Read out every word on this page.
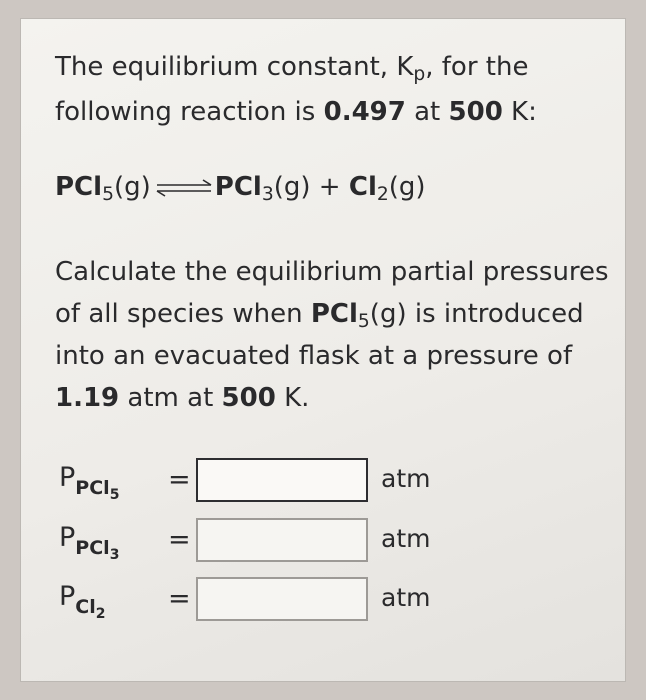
The equilibrium constant, $K_p$, for the following reaction is 0.497 at 500 K:
PCl$_5$(g) ⇌ $PCl_3(g) + Cl_2(g)$
Calculate the equilibrium partial pressures of all species when PCl$_5$(g) is introduced into an evacuated flask at a pressure of 1.19 atm at 500 K.
$P_{PCl_5}$ =	atm
$P_{PCl_3}$ =	atm
$P_{Cl_2}$ =	atm
